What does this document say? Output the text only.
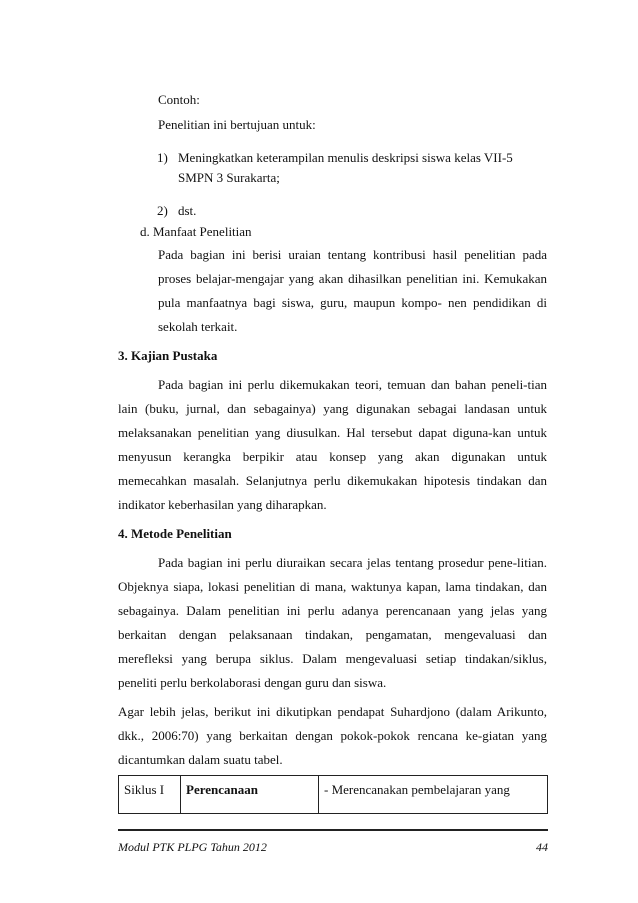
Contoh:
Penelitian ini bertujuan untuk:
1) Meningkatkan keterampilan menulis deskripsi siswa kelas VII-5
SMPN 3 Surakarta;
2) dst.
d. Manfaat Penelitian
Pada bagian ini berisi uraian tentang kontribusi hasil penelitian pada
proses belajar-mengajar yang akan dihasilkan penelitian ini. Kemukakan
pula manfaatnya bagi siswa, guru, maupun kompo- nen pendidikan di
sekolah terkait.
3. Kajian Pustaka
Pada bagian ini perlu dikemukakan teori, temuan dan bahan peneli-tian
lain (buku, jurnal, dan sebagainya) yang digunakan sebagai landasan untuk
melaksanakan penelitian yang diusulkan. Hal tersebut dapat diguna-kan untuk
menyusun kerangka berpikir atau konsep yang akan digunakan untuk
memecahkan masalah. Selanjutnya perlu dikemukakan hipotesis tindakan dan
indikator keberhasilan yang diharapkan.
4. Metode Penelitian
Pada bagian ini perlu diuraikan secara jelas tentang prosedur pene-litian.
Objeknya siapa, lokasi penelitian di mana, waktunya kapan, lama tindakan, dan
sebagainya. Dalam penelitian ini perlu adanya perencanaan yang jelas yang
berkaitan dengan pelaksanaan tindakan, pengamatan, mengevaluasi dan
merefleksi yang berupa siklus. Dalam mengevaluasi setiap tindakan/siklus,
peneliti perlu berkolaborasi dengan guru dan siswa.
Agar lebih jelas, berikut ini dikutipkan pendapat Suhardjono (dalam Arikunto,
dkk., 2006:70) yang berkaitan dengan pokok-pokok rencana ke-giatan yang
dicantumkan dalam suatu tabel.
Siklus I	Perencanaan	- Merencanakan pembelajaran yang
Modul PTK PLPG Tahun 2012	44
